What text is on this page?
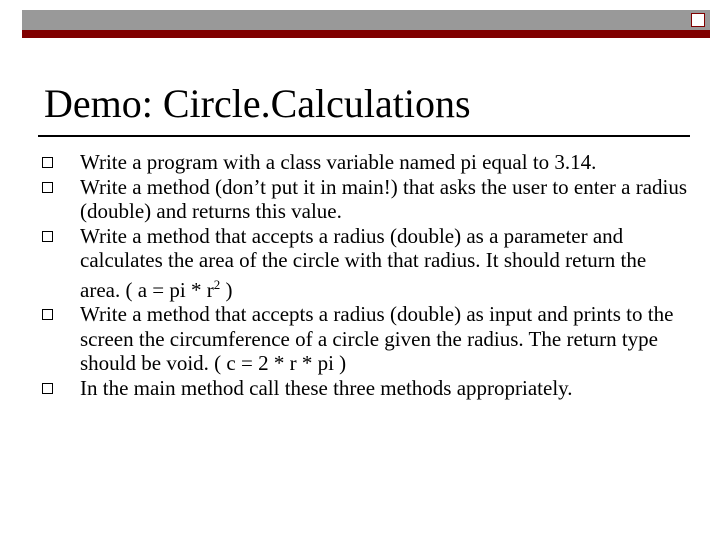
Demo: Circle.Calculations
Write a program with a class variable named pi equal to 3.14.
Write a method (don’t put it in main!) that asks the user to enter a radius (double) and returns this value.
Write a method that accepts a radius (double) as a parameter and calculates the area of the circle with that radius. It should return the area. ( a = pi * $r^2$ )
Write a method that accepts a radius (double) as input and prints to the screen the circumference of a circle given the radius. The return type should be void. ( c = 2 * r * pi )
In the main method call these three methods appropriately.
